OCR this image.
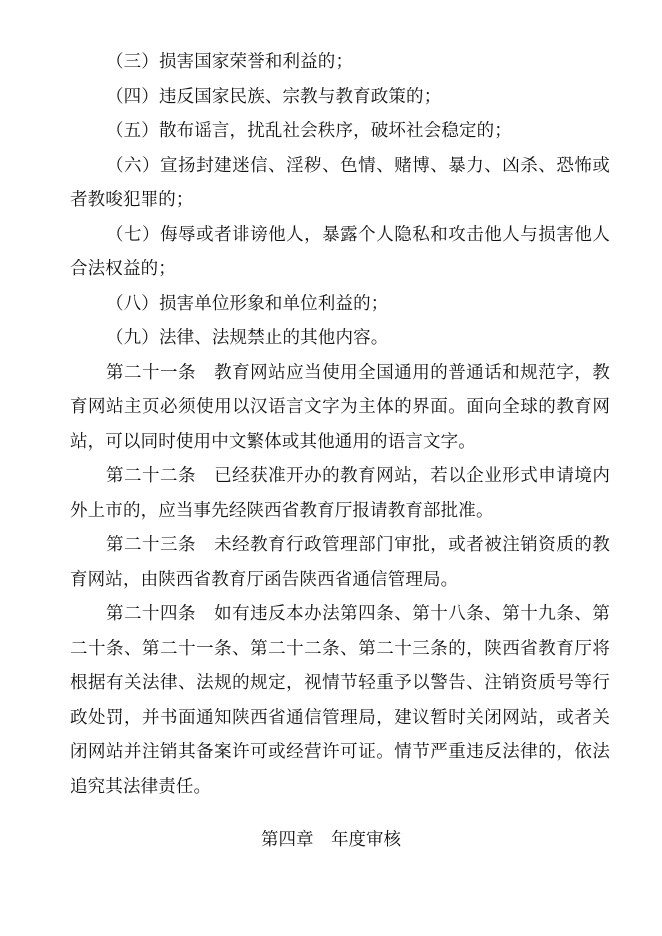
（三）损害国家荣誉和利益的；
（四）违反国家民族、宗教与教育政策的；
（五）散布谣言，扰乱社会秩序，破坏社会稳定的；
（六）宣扬封建迷信、淫秽、色情、赌博、暴力、凶杀、恐怖或
者教唆犯罪的；
（七）侮辱或者诽谤他人，暴露个人隐私和攻击他人与损害他人
合法权益的；
（八）损害单位形象和单位利益的；
（九）法律、法规禁止的其他内容。
第二十一条　教育网站应当使用全国通用的普通话和规范字，教
育网站主页必须使用以汉语言文字为主体的界面。面向全球的教育网
站，可以同时使用中文繁体或其他通用的语言文字。
第二十二条　已经获准开办的教育网站，若以企业形式申请境内
外上市的，应当事先经陕西省教育厅报请教育部批准。
第二十三条　未经教育行政管理部门审批，或者被注销资质的教
育网站，由陕西省教育厅函告陕西省通信管理局。
第二十四条　如有违反本办法第四条、第十八条、第十九条、第
二十条、第二十一条、第二十二条、第二十三条的，陕西省教育厅将
根据有关法律、法规的规定，视情节轻重予以警告、注销资质号等行
政处罚，并书面通知陕西省通信管理局，建议暂时关闭网站，或者关
闭网站并注销其备案许可或经营许可证。情节严重违反法律的，依法
追究其法律责任。
第四章　年度审核
